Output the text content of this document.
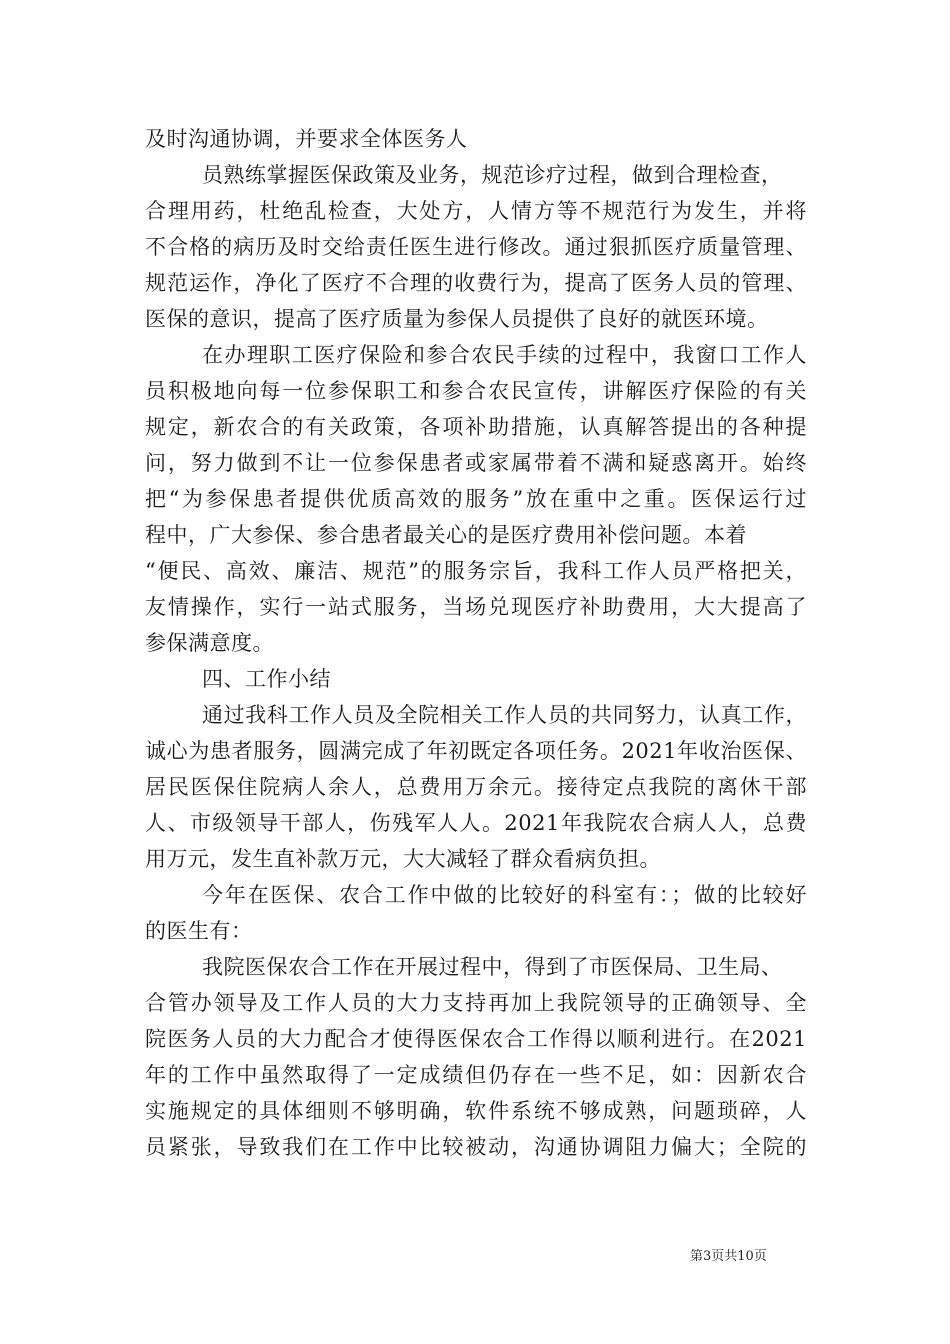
及时沟通协调，并要求全体医务人
员熟练掌握医保政策及业务，规范诊疗过程，做到合理检查，
合理用药，杜绝乱检查，大处方，人情方等不规范行为发生，并将
不合格的病历及时交给责任医生进行修改。通过狠抓医疗质量管理、
规范运作，净化了医疗不合理的收费行为，提高了医务人员的管理、
医保的意识，提高了医疗质量为参保人员提供了良好的就医环境。
在办理职工医疗保险和参合农民手续的过程中，我窗口工作人
员积极地向每一位参保职工和参合农民宣传，讲解医疗保险的有关
规定，新农合的有关政策，各项补助措施，认真解答提出的各种提
问，努力做到不让一位参保患者或家属带着不满和疑惑离开。始终
把“为参保患者提供优质高效的服务”放在重中之重。医保运行过
程中，广大参保、参合患者最关心的是医疗费用补偿问题。本着
“便民、高效、廉洁、规范”的服务宗旨，我科工作人员严格把关，
友情操作，实行一站式服务，当场兑现医疗补助费用，大大提高了
参保满意度。
四、工作小结
通过我科工作人员及全院相关工作人员的共同努力，认真工作，
诚心为患者服务，圆满完成了年初既定各项任务。2021年收治医保、
居民医保住院病人余人，总费用万余元。接待定点我院的离休干部
人、市级领导干部人，伤残军人人。2021年我院农合病人人，总费
用万元，发生直补款万元，大大减轻了群众看病负担。
今年在医保、农合工作中做的比较好的科室有：；做的比较好
的医生有：
我院医保农合工作在开展过程中，得到了市医保局、卫生局、
合管办领导及工作人员的大力支持再加上我院领导的正确领导、全
院医务人员的大力配合才使得医保农合工作得以顺利进行。在2021
年的工作中虽然取得了一定成绩但仍存在一些不足，如：因新农合
实施规定的具体细则不够明确，软件系统不够成熟，问题琐碎，人
员紧张，导致我们在工作中比较被动，沟通协调阻力偏大；全院的
第3页共10页
